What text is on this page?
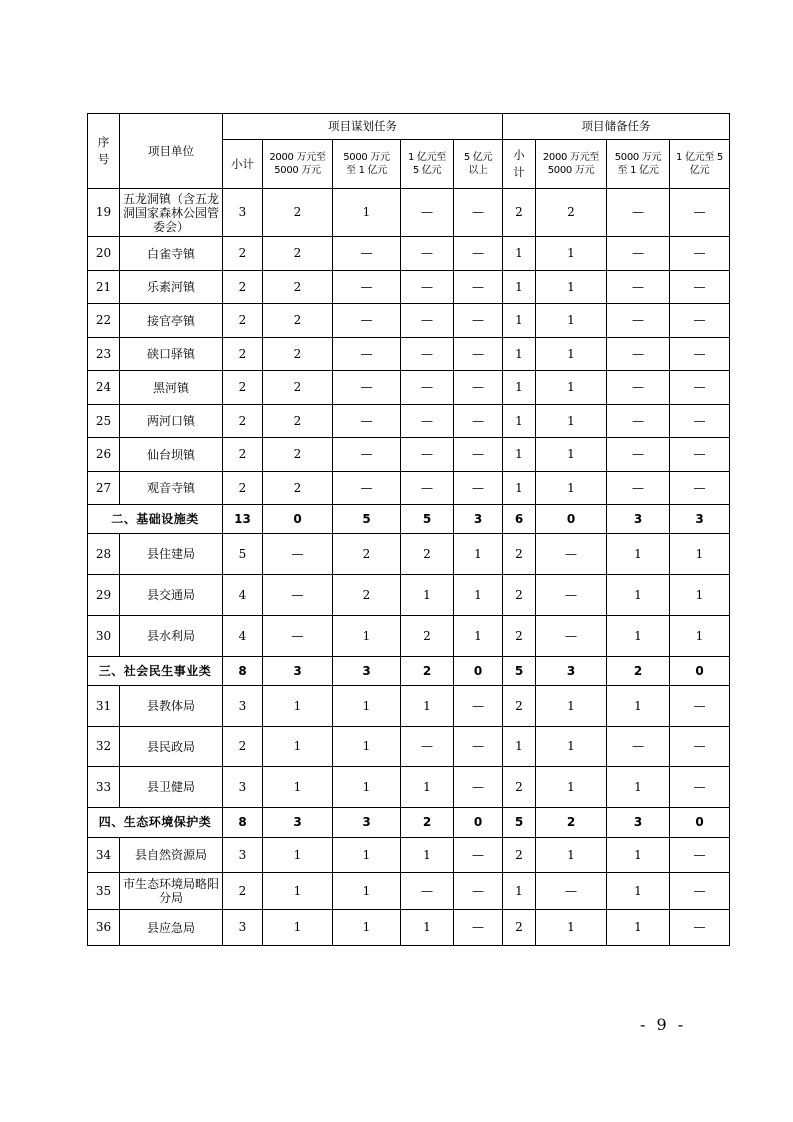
序号	项目单位	项目谋划任务					项目储备任务			

		小计	2000 万元至 5000 万元	5000 万元至 1 亿元	1 亿元至 5 亿元	5 亿元以上	小计	2000 万元至 5000 万元	5000 万元至 1 亿元	1 亿元至 5 亿元

19	五龙洞镇（含五龙洞国家森林公园管委会）	3	2	1	—	—	2	2	—	—
20	白雀寺镇	2	2	—	—	—	1	1	—	—
21	乐素河镇	2	2	—	—	—	1	1	—	—
22	接官亭镇	2	2	—	—	—	1	1	—	—
23	硖口驿镇	2	2	—	—	—	1	1	—	—
24	黑河镇	2	2	—	—	—	1	1	—	—
25	两河口镇	2	2	—	—	—	1	1	—	—
26	仙台坝镇	2	2	—	—	—	1	1	—	—
27	观音寺镇	2	2	—	—	—	1	1	—	—
二、基础设施类		13	0	5	5	3	6	0	3	3
28	县住建局	5	—	2	2	1	2	—	1	1
29	县交通局	4	—	2	1	1	2	—	1	1
30	县水利局	4	—	1	2	1	2	—	1	1
三、社会民生事业类		8	3	3	2	0	5	3	2	0
31	县教体局	3	1	1	1	—	2	1	1	—
32	县民政局	2	1	1	—	—	1	1	—	—
33	县卫健局	3	1	1	1	—	2	1	1	—
四、生态环境保护类		8	3	3	2	0	5	2	3	0
34	县自然资源局	3	1	1	1	—	2	1	1	—
35	市生态环境局略阳分局	2	1	1	—	—	1	—	1	—
36	县应急局	3	1	1	1	—	2	1	1	—
- 9 -
